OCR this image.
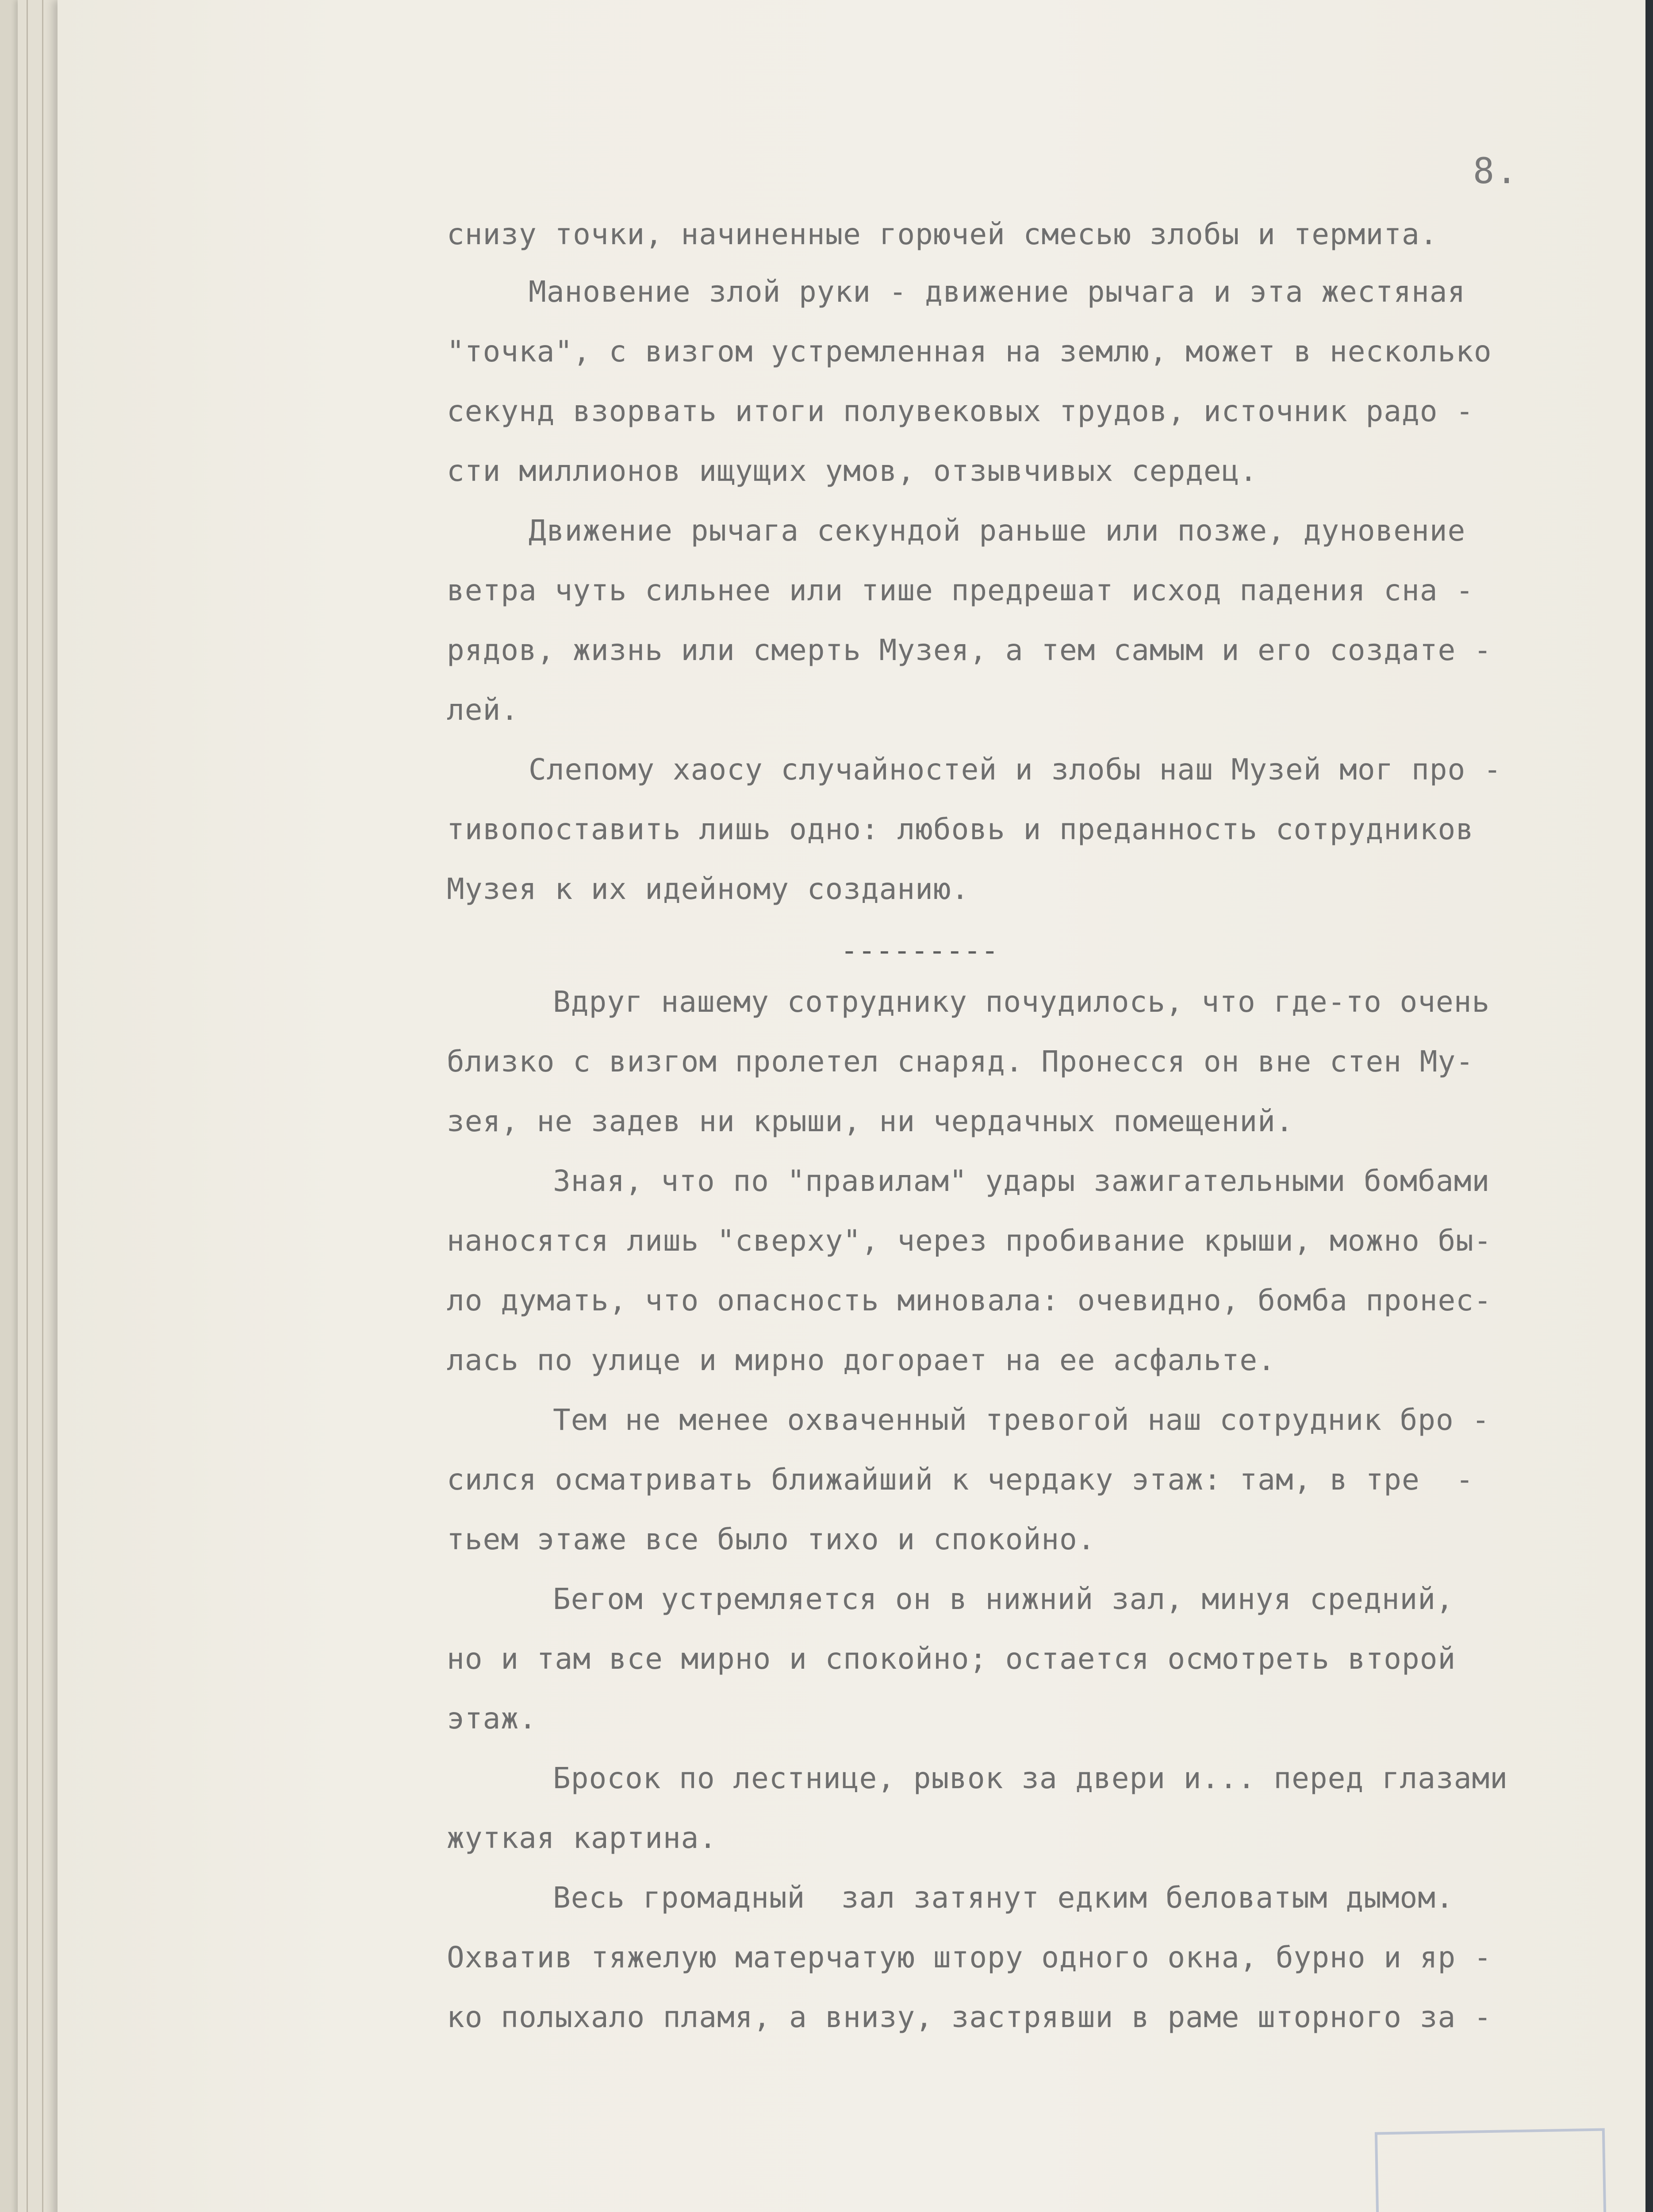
8.
снизу точки, начиненные горючей смесью злобы и термита.
Мановение злой руки - движение рычага и эта жестяная
"точка", с визгом устремленная на землю, может в несколько
секунд взорвать итоги полувековых трудов, источник радо -
сти миллионов ищущих умов, отзывчивых сердец.
Движение рычага секундой раньше или позже, дуновение
ветра чуть сильнее или тише предрешат исход падения сна -
рядов, жизнь или смерть Музея, а тем самым и его создате -
лей.
Слепому хаосу случайностей и злобы наш Музей мог про -
тивопоставить лишь одно: любовь и преданность сотрудников
Музея к их идейному созданию.
---------
Вдруг нашему сотруднику почудилось, что где-то очень
близко с визгом пролетел снаряд. Пронесся он вне стен Му-
зея, не задев ни крыши, ни чердачных помещений.
Зная, что по "правилам" удары зажигательными бомбами
наносятся лишь "сверху", через пробивание крыши, можно бы-
ло думать, что опасность миновала: очевидно, бомба пронес-
лась по улице и мирно догорает на ее асфальте.
Тем не менее охваченный тревогой наш сотрудник бро -
сился осматривать ближайший к чердаку этаж: там, в тре  -
тьем этаже все было тихо и спокойно.
Бегом устремляется он в нижний зал, минуя средний,
но и там все мирно и спокойно; остается осмотреть второй
этаж.
Бросок по лестнице, рывок за двери и... перед глазами
жуткая картина.
Весь громадный  зал затянут едким беловатым дымом.
Охватив тяжелую матерчатую штору одного окна, бурно и яр -
ко полыхало пламя, а внизу, застрявши в раме шторного за -
